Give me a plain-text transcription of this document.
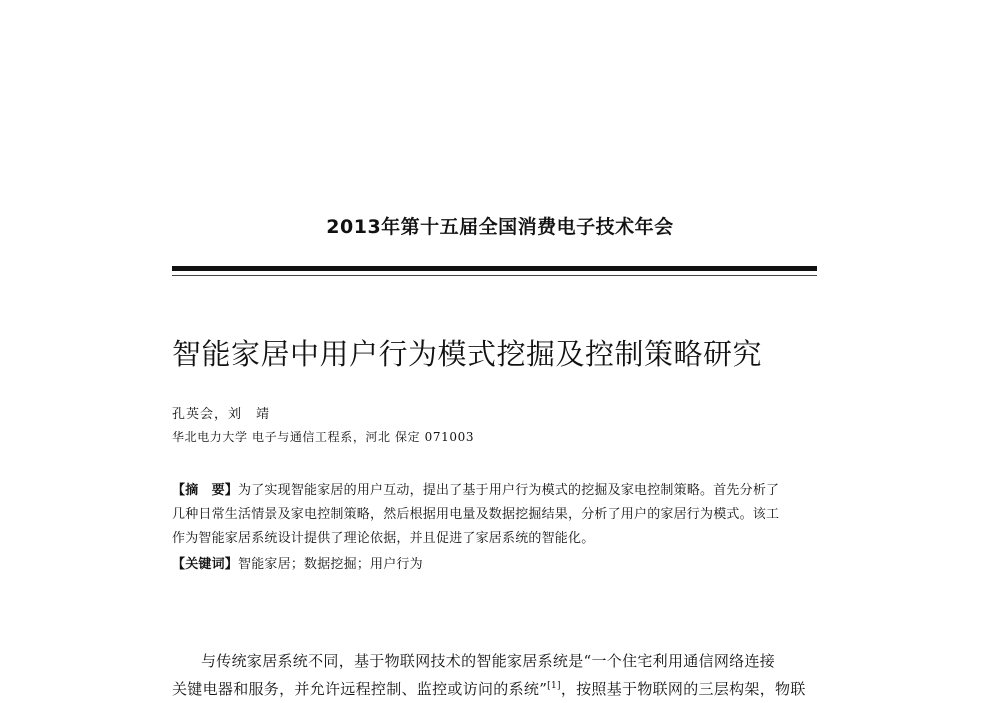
2013年第十五届全国消费电子技术年会
智能家居中用户行为模式挖掘及控制策略研究
孔英会，刘　靖
华北电力大学 电子与通信工程系，河北 保定 071003
【摘　要】为了实现智能家居的用户互动，提出了基于用户行为模式的挖掘及家电控制策略。首先分析了
几种日常生活情景及家电控制策略，然后根据用电量及数据挖掘结果，分析了用户的家居行为模式。该工
作为智能家居系统设计提供了理论依据，并且促进了家居系统的智能化。
【关键词】智能家居；数据挖掘；用户行为
与传统家居系统不同，基于物联网技术的智能家居系统是“一个住宅利用通信网络连接
关键电器和服务，并允许远程控制、监控或访问的系统”[1]，按照基于物联网的三层构架，物联
